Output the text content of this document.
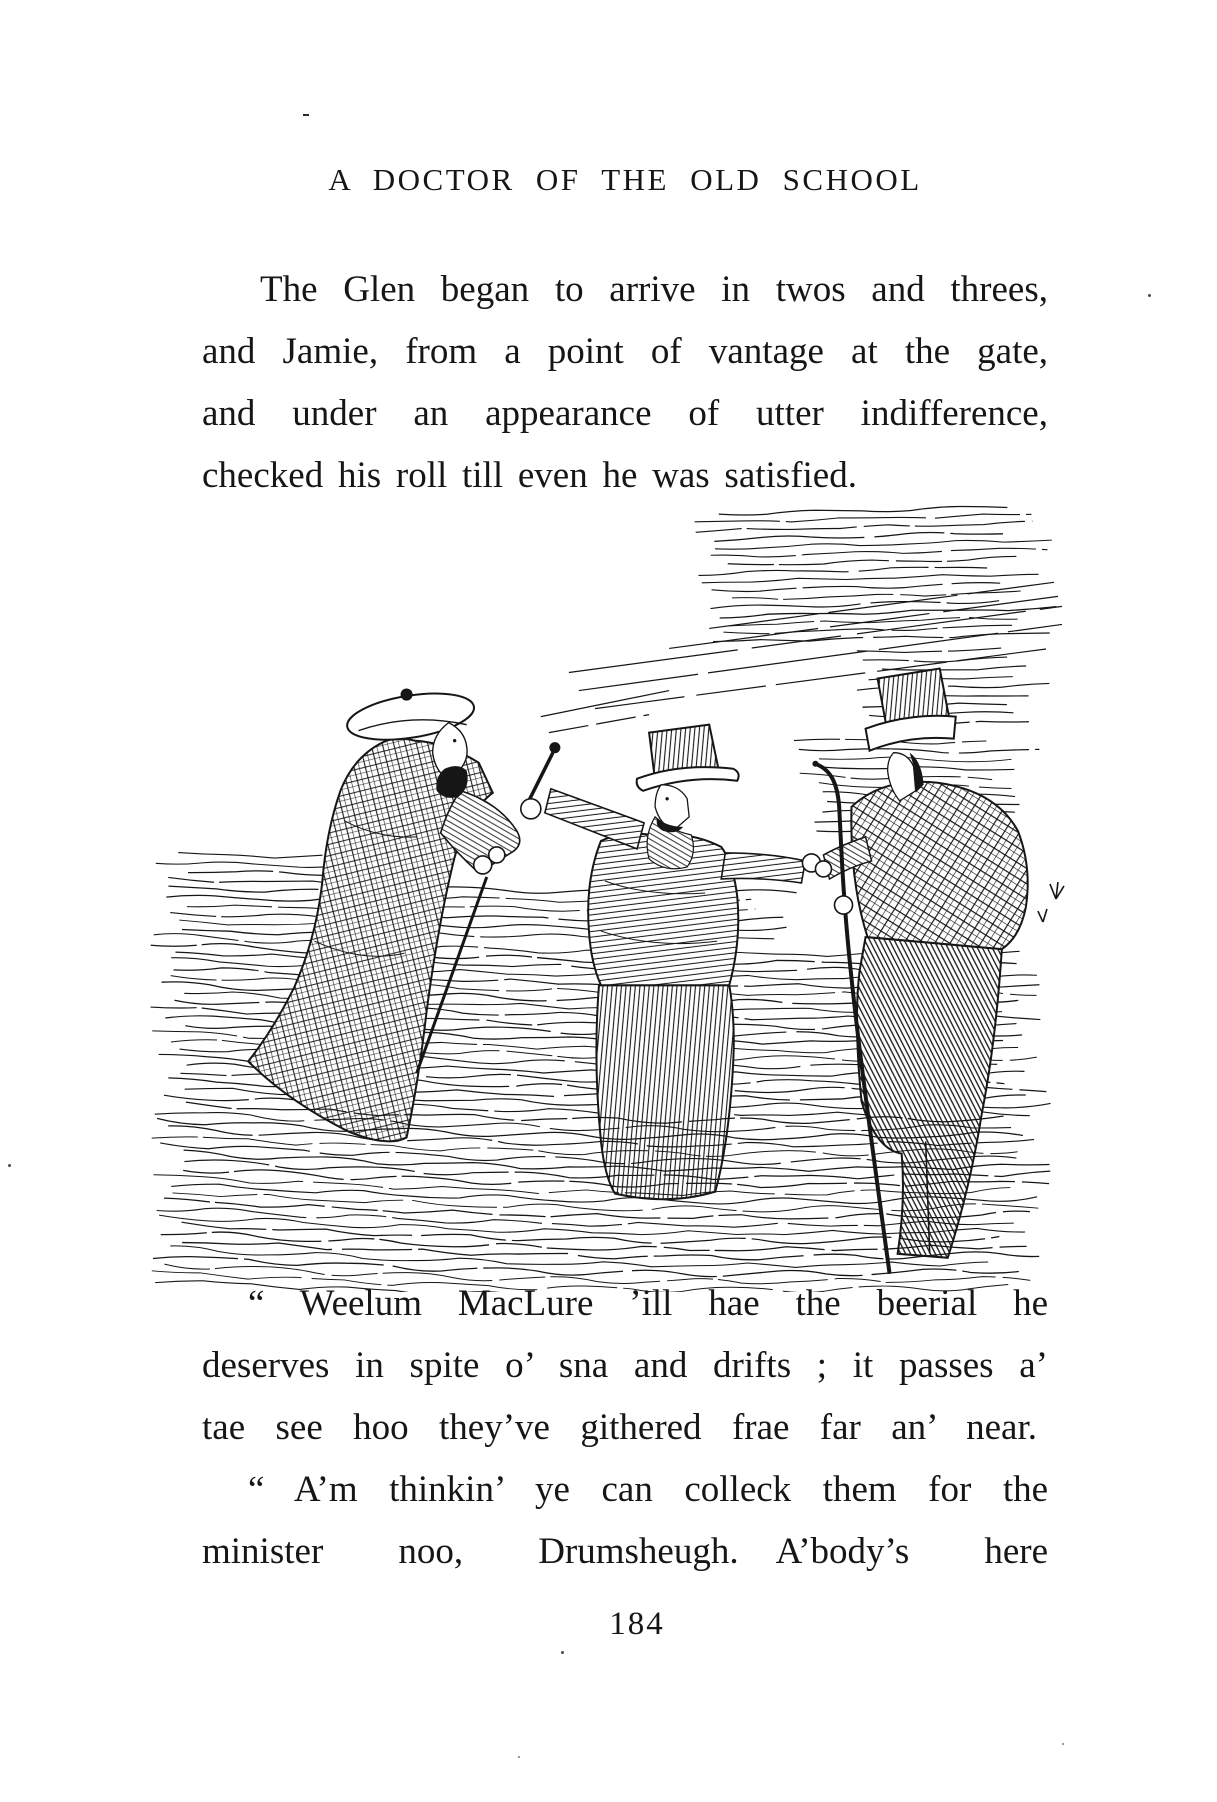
A DOCTOR OF THE OLD SCHOOL
The Glen began to arrive in twos and threes,
and Jamie, from a point of vantage at the gate,
and under an appearance of utter indifference,
checked his roll till even he was satisfied.
“ Weelum MacLure ’ill hae the beerial he
deserves in spite o’ sna and drifts ; it passes a’
tae see hoo they’ve githered frae far an’ near.
“ A’m thinkin’ ye can colleck them for the
minister noo, Drumsheugh. A’body’s here
184
